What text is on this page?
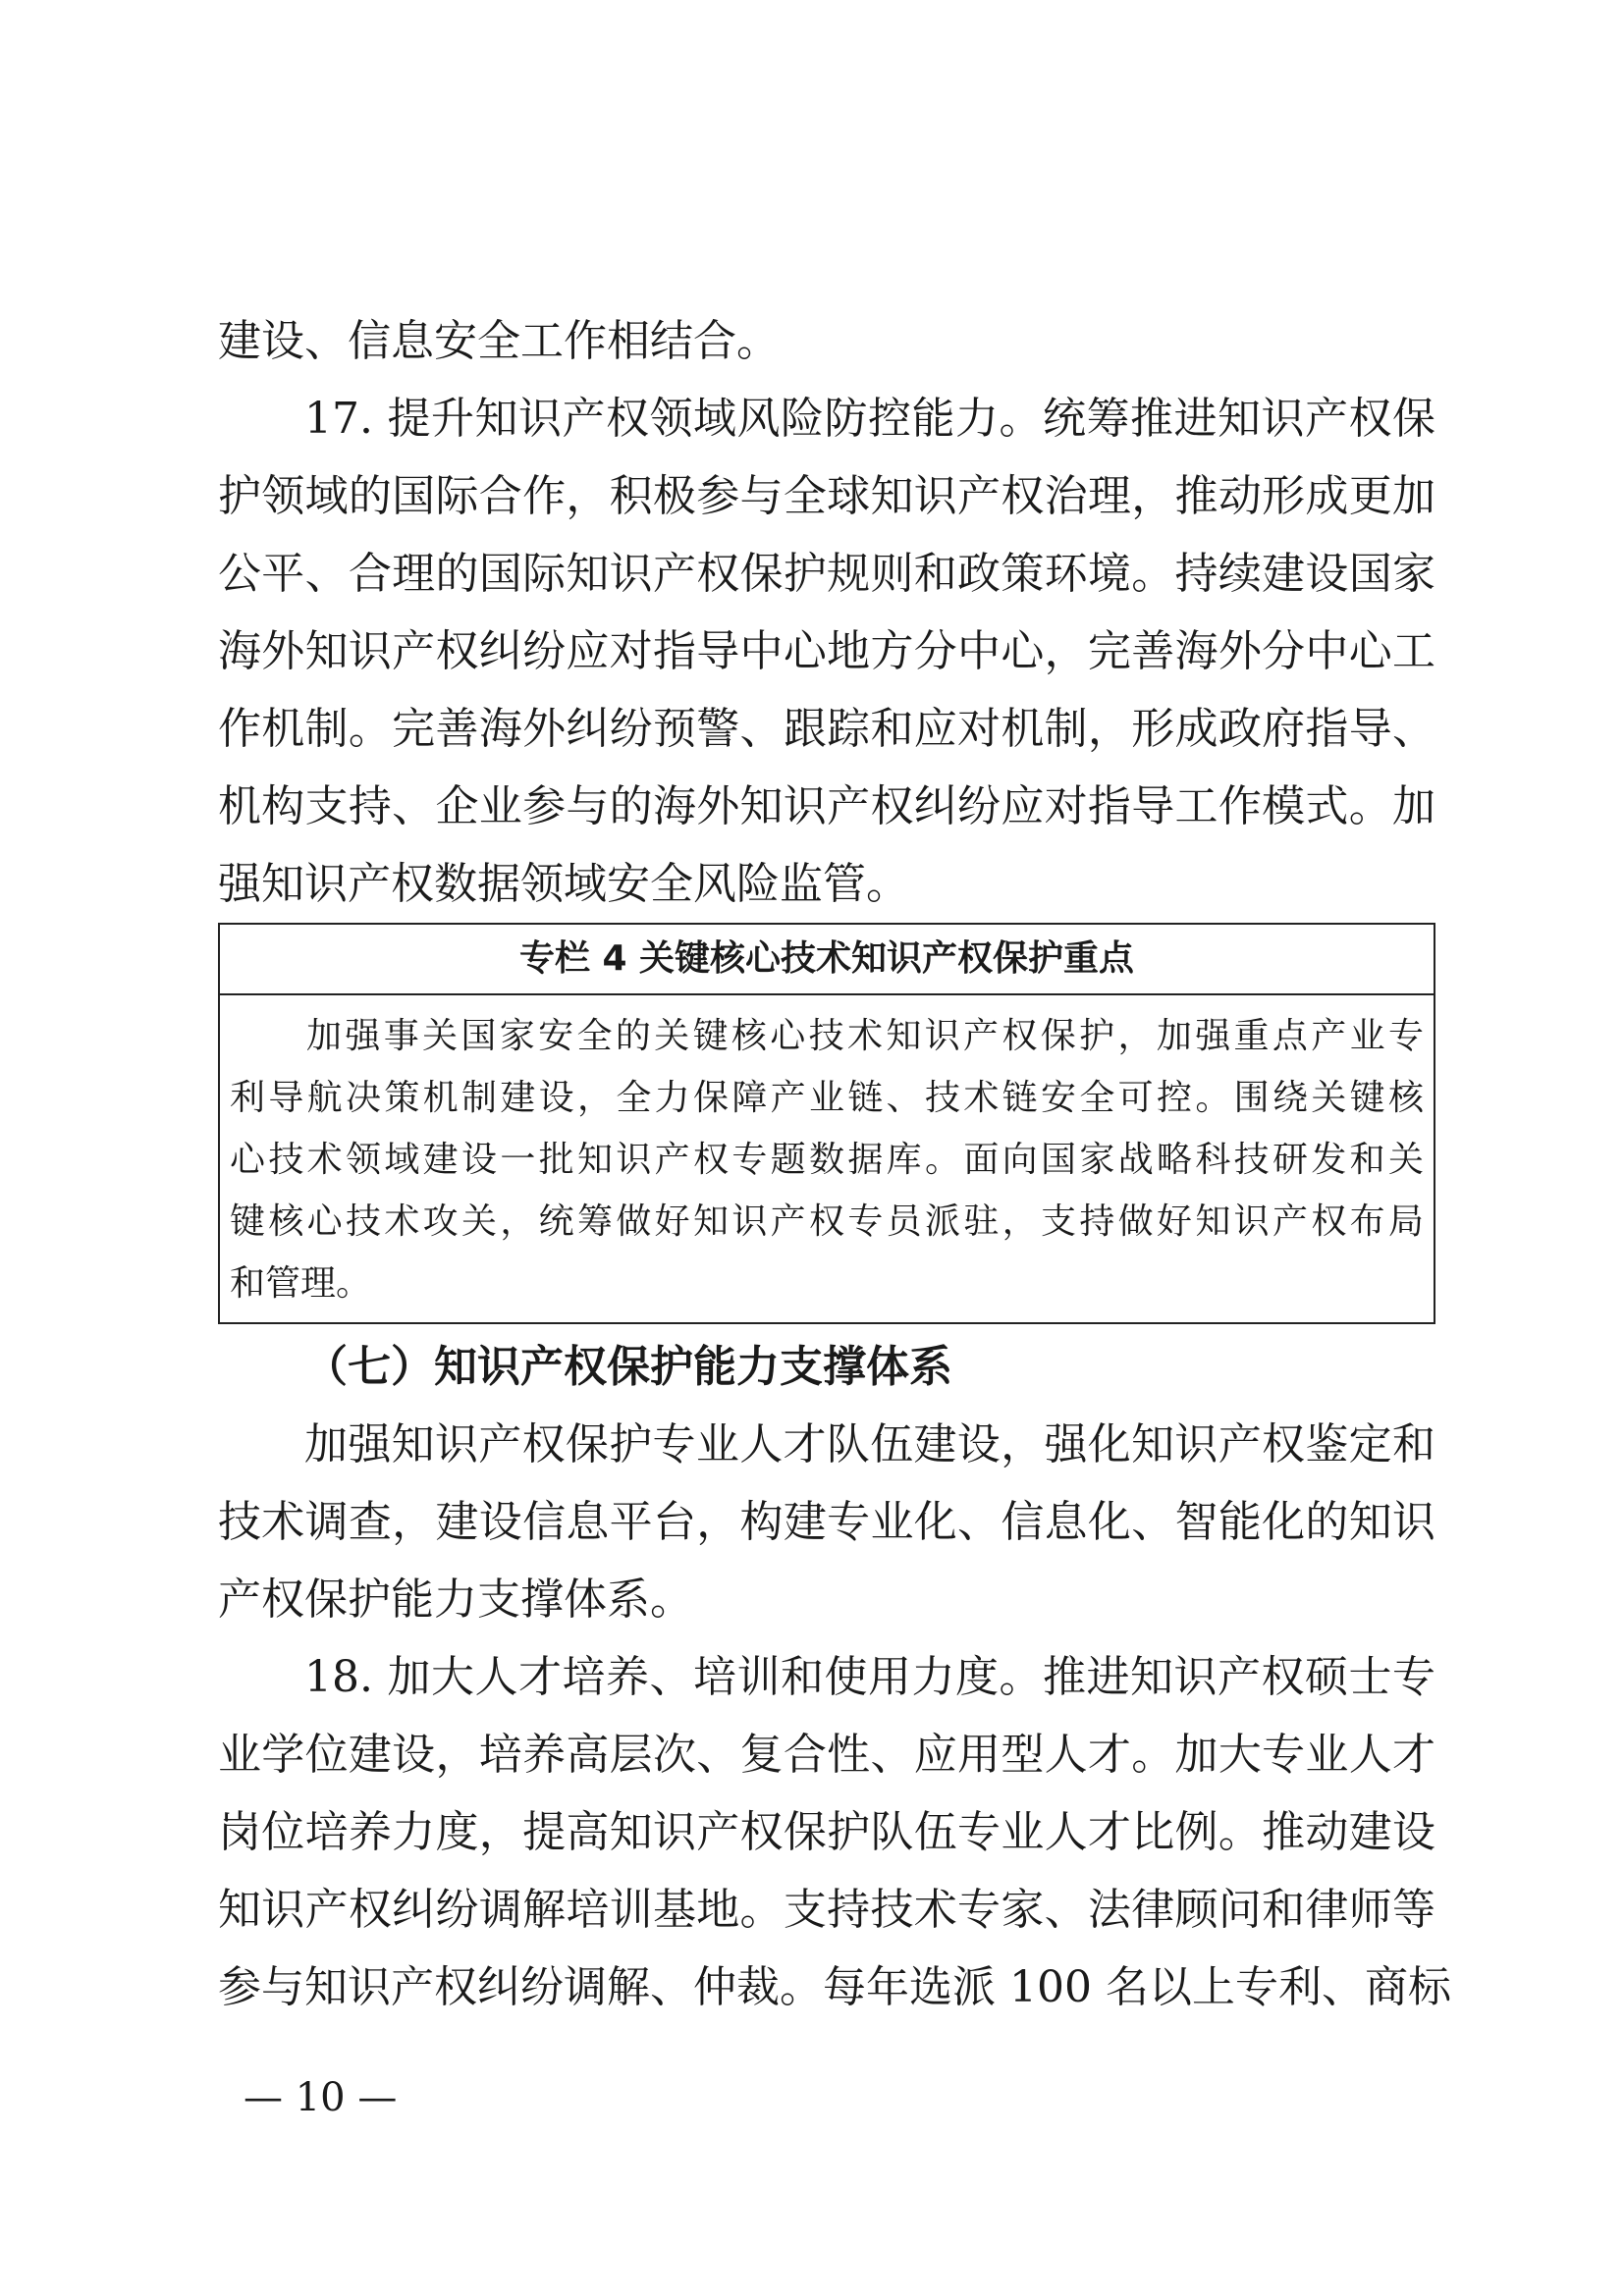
建设、信息安全工作相结合。
17. 提升知识产权领域风险防控能力。统筹推进知识产权保
护领域的国际合作，积极参与全球知识产权治理，推动形成更加
公平、合理的国际知识产权保护规则和政策环境。持续建设国家
海外知识产权纠纷应对指导中心地方分中心，完善海外分中心工
作机制。完善海外纠纷预警、跟踪和应对机制，形成政府指导、
机构支持、企业参与的海外知识产权纠纷应对指导工作模式。加
强知识产权数据领域安全风险监管。
专栏 4 关键核心技术知识产权保护重点
加强事关国家安全的关键核心技术知识产权保护，加强重点产业专
利导航决策机制建设，全力保障产业链、技术链安全可控。围绕关键核
心技术领域建设一批知识产权专题数据库。面向国家战略科技研发和关
键核心技术攻关，统筹做好知识产权专员派驻，支持做好知识产权布局
和管理。
（七）知识产权保护能力支撑体系
加强知识产权保护专业人才队伍建设，强化知识产权鉴定和
技术调查，建设信息平台，构建专业化、信息化、智能化的知识
产权保护能力支撑体系。
18. 加大人才培养、培训和使用力度。推进知识产权硕士专
业学位建设，培养高层次、复合性、应用型人才。加大专业人才
岗位培养力度，提高知识产权保护队伍专业人才比例。推动建设
知识产权纠纷调解培训基地。支持技术专家、法律顾问和律师等
参与知识产权纠纷调解、仲裁。每年选派 100 名以上专利、商标
— 10 —
